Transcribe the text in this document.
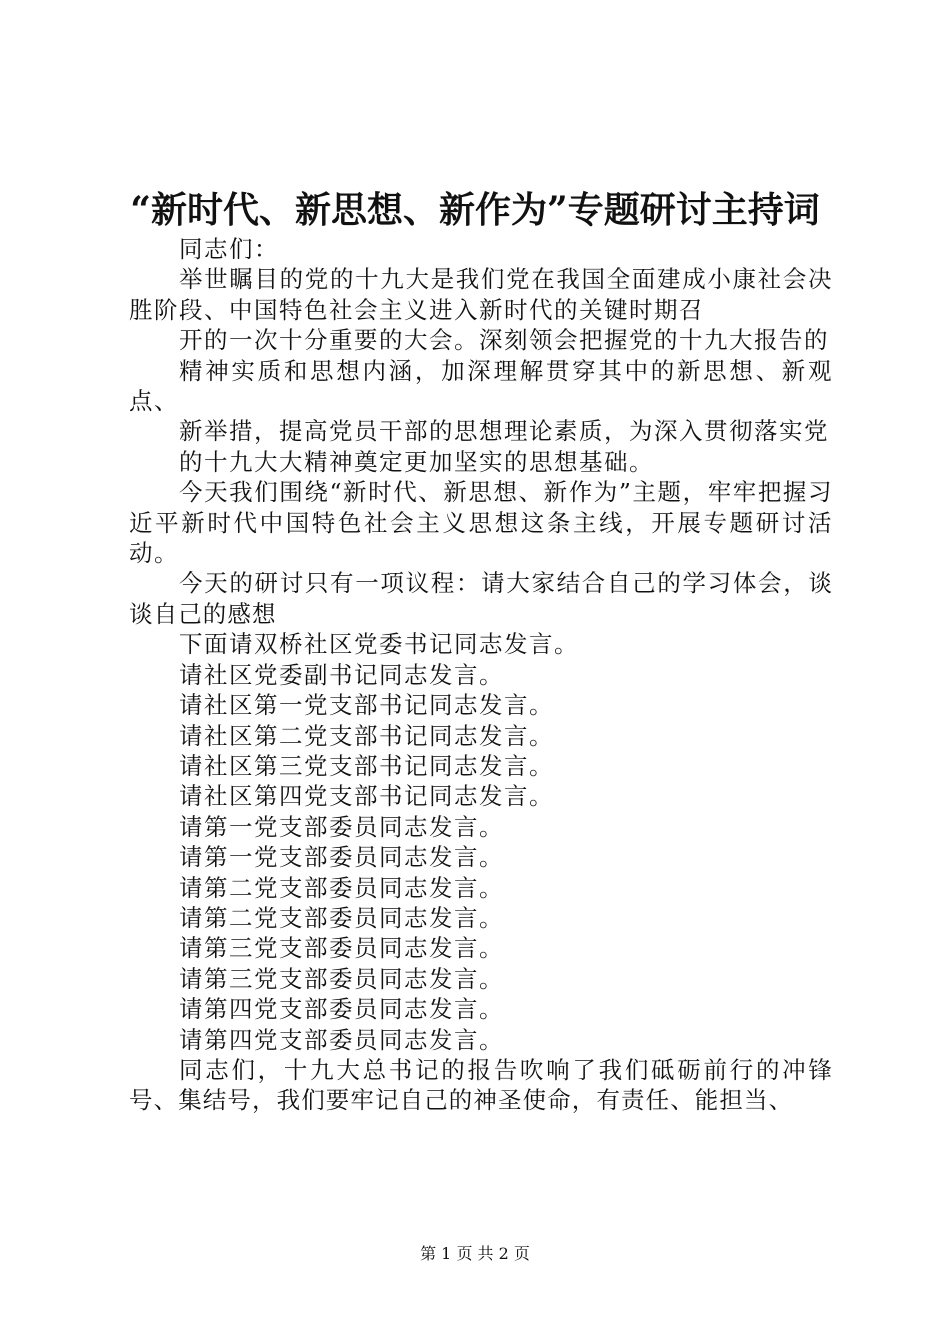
“新时代、新思想、新作为”专题研讨主持词

同志们：

举世瞩目的党的十九大是我们党在我国全面建成小康社会决胜阶段、中国特色社会主义进入新时代的关键时期召

开的一次十分重要的大会。深刻领会把握党的十九大报告的

精神实质和思想内涵，加深理解贯穿其中的新思想、新观点、

新举措，提高党员干部的思想理论素质，为深入贯彻落实党

的十九大大精神奠定更加坚实的思想基础。

今天我们围绕“新时代、新思想、新作为”主题，牢牢把握习近平新时代中国特色社会主义思想这条主线，开展专题研讨活动。

今天的研讨只有一项议程：请大家结合自己的学习体会，谈谈自己的感想

下面请双桥社区党委书记同志发言。

请社区党委副书记同志发言。

请社区第一党支部书记同志发言。

请社区第二党支部书记同志发言。

请社区第三党支部书记同志发言。

请社区第四党支部书记同志发言。

请第一党支部委员同志发言。

请第一党支部委员同志发言。

请第二党支部委员同志发言。

请第二党支部委员同志发言。

请第三党支部委员同志发言。

请第三党支部委员同志发言。

请第四党支部委员同志发言。

请第四党支部委员同志发言。

同志们，十九大总书记的报告吹响了我们砥砺前行的冲锋号、集结号，我们要牢记自己的神圣使命，有责任、能担当、

第 1 页 共 2 页
